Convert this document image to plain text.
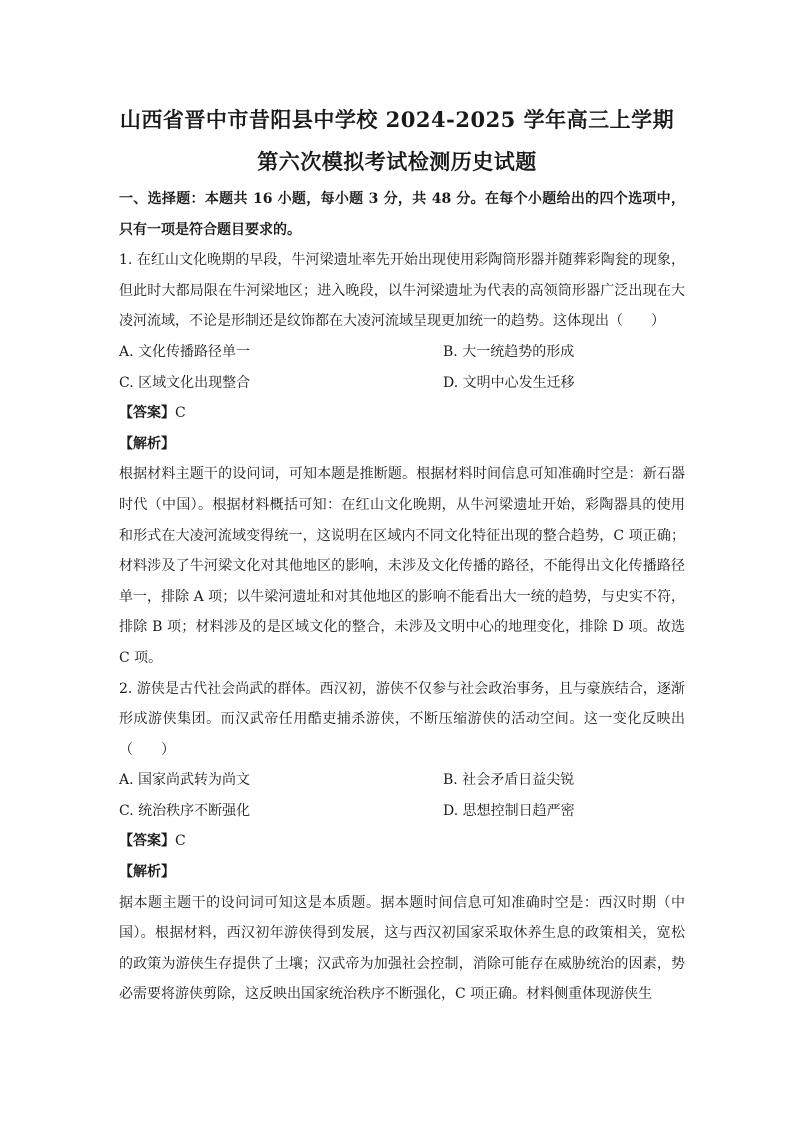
山西省晋中市昔阳县中学校 2024-2025 学年高三上学期
第六次模拟考试检测历史试题

一、选择题：本题共 16 小题，每小题 3 分，共 48 分。在每个小题给出的四个选项中，只有一项是符合题目要求的。

1. 在红山文化晚期的早段，牛河梁遗址率先开始出现使用彩陶筒形器并随葬彩陶瓮的现象，但此时大都局限在牛河梁地区；进入晚段，以牛河梁遗址为代表的高领筒形器广泛出现在大凌河流域，不论是形制还是纹饰都在大凌河流域呈现更加统一的趋势。这体现出（　　）

A. 文化传播路径单一	B. 大一统趋势的形成
C. 区域文化出现整合	D. 文明中心发生迁移
【答案】C
【解析】

根据材料主题干的设问词，可知本题是推断题。根据材料时间信息可知准确时空是：新石器时代（中国）。根据材料概括可知：在红山文化晚期，从牛河梁遗址开始，彩陶器具的使用和形式在大凌河流域变得统一，这说明在区域内不同文化特征出现的整合趋势，C 项正确；材料涉及了牛河梁文化对其他地区的影响，未涉及文化传播的路径，不能得出文化传播路径单一，排除 A 项；以牛梁河遗址和对其他地区的影响不能看出大一统的趋势，与史实不符，排除 B 项；材料涉及的是区域文化的整合，未涉及文明中心的地理变化，排除 D 项。故选 C 项。

2. 游侠是古代社会尚武的群体。西汉初，游侠不仅参与社会政治事务，且与豪族结合，逐渐形成游侠集团。而汉武帝任用酷吏捕杀游侠，不断压缩游侠的活动空间。这一变化反映出（　　）

A. 国家尚武转为尚文	B. 社会矛盾日益尖锐
C. 统治秩序不断强化	D. 思想控制日趋严密
【答案】C
【解析】

据本题主题干的设问词可知这是本质题。据本题时间信息可知准确时空是：西汉时期（中国）。根据材料，西汉初年游侠得到发展，这与西汉初国家采取休养生息的政策相关，宽松的政策为游侠生存提供了土壤；汉武帝为加强社会控制，消除可能存在威胁统治的因素，势必需要将游侠剪除，这反映出国家统治秩序不断强化，C 项正确。材料侧重体现游侠生
